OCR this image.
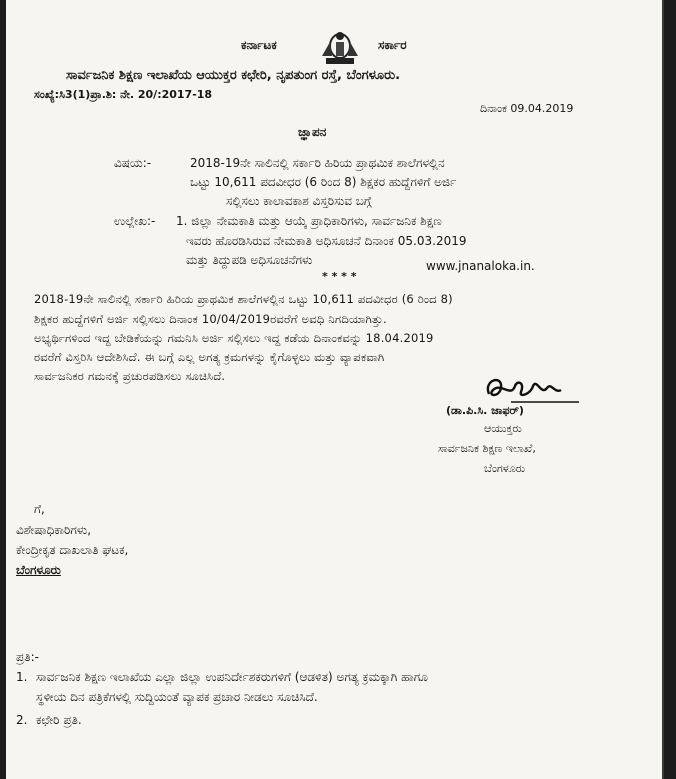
ಕರ್ನಾಟಕ	ಸರ್ಕಾರ
ಸಾರ್ವಜನಿಕ ಶಿಕ್ಷಣ ಇಲಾಖೆಯ ಆಯುಕ್ತರ ಕಛೇರಿ, ನೃಪತುಂಗ ರಸ್ತೆ, ಬೆಂಗಳೂರು.
ಸಂಖ್ಯೆ:ಸಿ3(1)ಪ್ರಾ.ಶಿ: ನೇ. 20/:2017-18
ದಿನಾಂಕ 09.04.2019
ಜ್ಞಾಪನ
ವಿಷಯ:-	2018-19ನೇ ಸಾಲಿನಲ್ಲಿ ಸರ್ಕಾರಿ ಹಿರಿಯ ಪ್ರಾಥಮಿಕ ಶಾಲೆಗಳಲ್ಲಿನ
ಒಟ್ಟು 10,611 ಪದವೀಧರ (6 ರಿಂದ 8) ಶಿಕ್ಷಕರ ಹುದ್ದೆಗಳಿಗೆ ಅರ್ಜಿ
ಸಲ್ಲಿಸಲು ಕಾಲಾವಕಾಶ ವಿಸ್ತರಿಸುವ ಬಗ್ಗೆ
ಉಲ್ಲೇಖ:- 1. ಜಿಲ್ಲಾ ನೇಮಕಾತಿ ಮತ್ತು ಆಯ್ಕೆ ಪ್ರಾಧಿಕಾರಿಗಳು, ಸಾರ್ವಜನಿಕ ಶಿಕ್ಷಣ
ಇವರು ಹೊರಡಿಸಿರುವ ನೇಮಕಾತಿ ಅಧಿಸೂಚನೆ ದಿನಾಂಕ 05.03.2019
ಮತ್ತು ತಿದ್ದುಪಡಿ ಅಧಿಸೂಚನೆಗಳು	www.jnanaloka.in.
* * * *
2018-19ನೇ ಸಾಲಿನಲ್ಲಿ ಸರ್ಕಾರಿ ಹಿರಿಯ ಪ್ರಾಥಮಿಕ ಶಾಲೆಗಳಲ್ಲಿನ ಒಟ್ಟು 10,611 ಪದವೀಧರ (6 ರಿಂದ 8)
ಶಿಕ್ಷಕರ ಹುದ್ದೆಗಳಿಗೆ ಅರ್ಜಿ ಸಲ್ಲಿಸಲು ದಿನಾಂಕ 10/04/2019ರವರೆಗೆ ಅವಧಿ ನಿಗದಿಯಾಗಿತ್ತು.
ಅಭ್ಯರ್ಥಿಗಳಿಂದ ಇದ್ದ ಬೇಡಿಕೆಯನ್ನು ಗಮನಿಸಿ ಅರ್ಜಿ ಸಲ್ಲಿಸಲು ಇದ್ದ ಕಡೆಯ ದಿನಾಂಕವನ್ನು 18.04.2019
ರವರೆಗೆ ವಿಸ್ತರಿಸಿ ಆದೇಶಿಸಿದೆ. ಈ ಬಗ್ಗೆ ಎಲ್ಲ ಅಗತ್ಯ ಕ್ರಮಗಳನ್ನು ಕೈಗೊಳ್ಳಲು ಮತ್ತು ವ್ಯಾಪಕವಾಗಿ
ಸಾರ್ವಜನಿಕರ ಗಮನಕ್ಕೆ ಪ್ರಚುರಪಡಿಸಲು ಸೂಚಿಸಿದೆ.
(ಡಾ.ಪಿ.ಸಿ. ಜಾಫರ್)
ಆಯುಕ್ತರು
ಸಾರ್ವಜನಿಕ ಶಿಕ್ಷಣ ಇಲಾಖೆ,
ಬೆಂಗಳೂರು
ಗೆ,
ವಿಶೇಷಾಧಿಕಾರಿಗಳು,
ಕೇಂದ್ರೀಕೃತ ದಾಖಲಾತಿ ಘಟಕ,
ಬೆಂಗಳೂರು
ಪ್ರತಿ:-
1. ಸಾರ್ವಜನಿಕ ಶಿಕ್ಷಣ ಇಲಾಖೆಯ ಎಲ್ಲಾ ಜಿಲ್ಲಾ ಉಪನಿರ್ದೇಶಕರುಗಳಿಗೆ (ಆಡಳಿತ) ಅಗತ್ಯ ಕ್ರಮಕ್ಕಾಗಿ ಹಾಗೂ
ಸ್ಥಳೀಯ ದಿನ ಪತ್ರಿಕೆಗಳಲ್ಲಿ ಸುದ್ದಿಯಂತೆ ವ್ಯಾಪಕ ಪ್ರಚಾರ ನೀಡಲು ಸೂಚಿಸಿದೆ.
2. ಕಛೇರಿ ಪ್ರತಿ.
